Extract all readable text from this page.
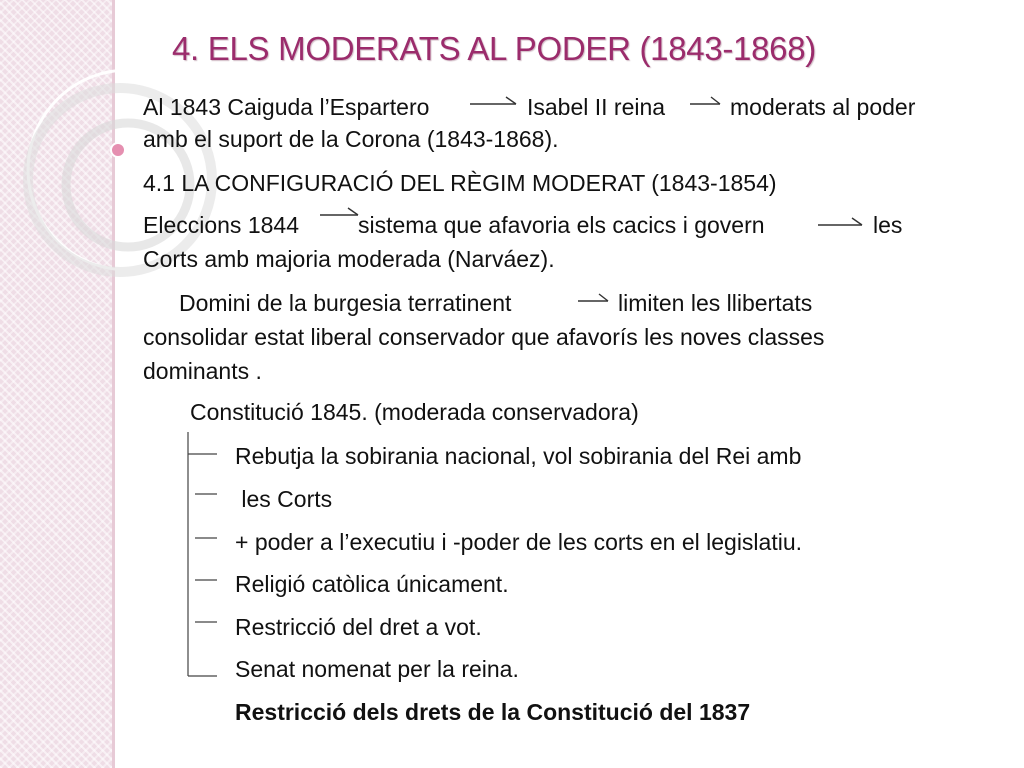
4. ELS MODERATS AL PODER (1843-1868)
Al 1843 Caiguda l’Espartero	Isabel II reina	moderats al poder
amb el suport de la Corona (1843-1868).
4.1 LA CONFIGURACIÓ DEL RÈGIM MODERAT (1843-1854)
Eleccions 1844	sistema que afavoria els cacics i govern	les
Corts amb majoria moderada (Narváez).
Domini de la burgesia terratinent	limiten les llibertats
consolidar estat liberal conservador que afavorís les noves classes
dominants .
Constitució 1845. (moderada conservadora)
Rebutja la sobirania nacional, vol sobirania del Rei amb
les Corts
+ poder a l’executiu i -poder de les corts en el legislatiu.
Religió catòlica únicament.
Restricció del dret a vot.
Senat nomenat per la reina.
Restricció dels drets de la Constitució del 1837
